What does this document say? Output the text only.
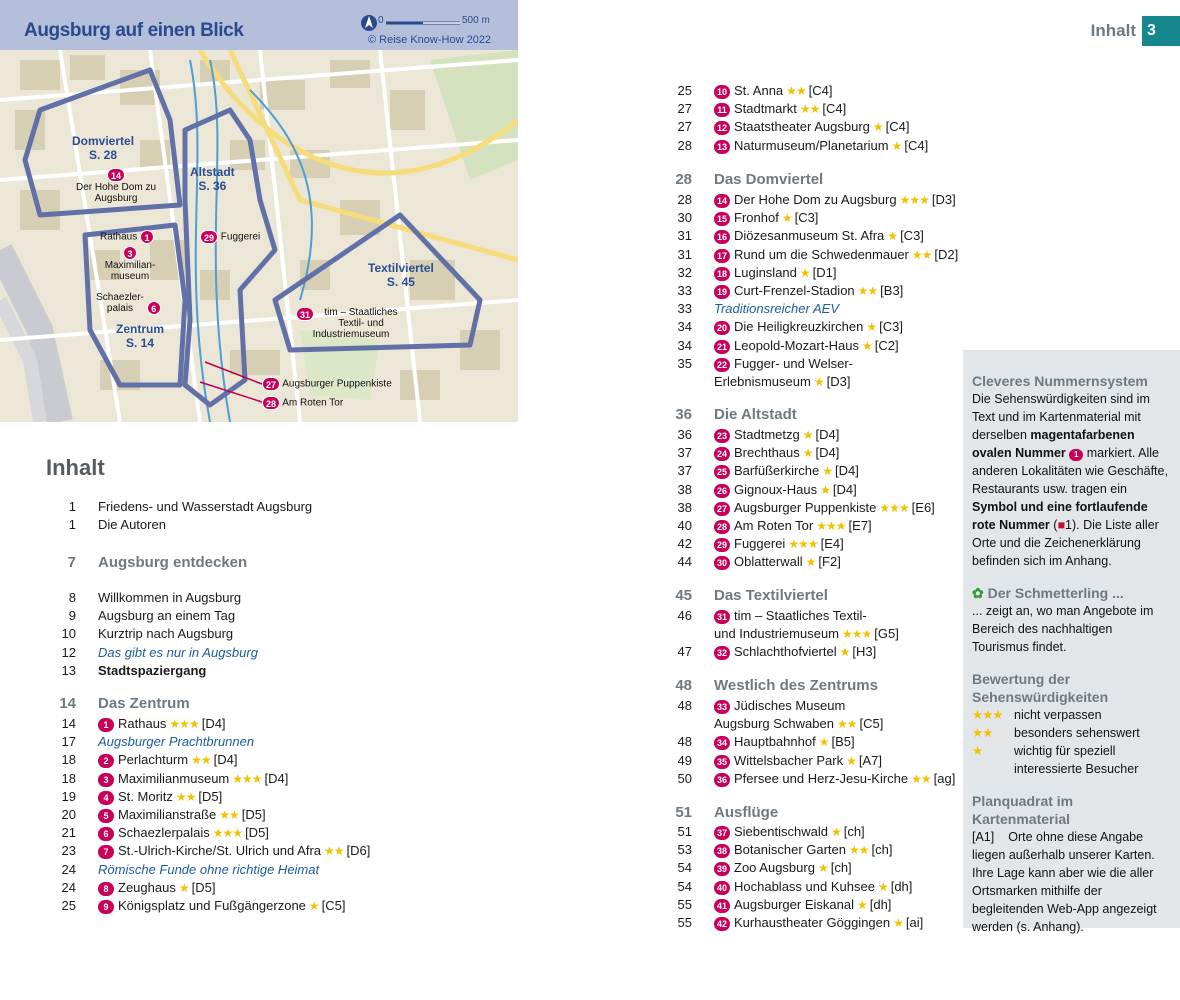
Augsburg auf einen Blick	0	500 m
© Reise Know-How 2022
Domviertel
S. 28
Altstadt
S. 36
Textilviertel
S. 45
Zentrum
S. 14
14
Der Hohe Dom zu Augsburg
Rathaus 1	29 Fuggerei
3
Maximilian-museum
Schaezler-palais 6
31	tim – Staatliches Textil- und Industriemuseum
27 Augsburger Puppenkiste
28 Am Roten Tor
Inhalt 3
Inhalt
1 Friedens- und Wasserstadt Augsburg
1 Die Autoren
7 Augsburg entdecken
8 Willkommen in Augsburg
9 Augsburg an einem Tag
10 Kurztrip nach Augsburg
12 Das gibt es nur in Augsburg
13 Stadtspaziergang
14 Das Zentrum
14	1 Rathaus ★★★ [D4]
17 Augsburger Prachtbrunnen
18	2 Perlachturm ★★ [D4]
18	3 Maximilianmuseum ★★★ [D4]
19	4 St. Moritz ★★ [D5]
20	5 Maximilianstraße ★★ [D5]
21	6 Schaezlerpalais ★★★ [D5]
23	7 St.-Ulrich-Kirche/St. Ulrich und Afra ★★ [D6]
24 Römische Funde ohne richtige Heimat
24	8 Zeughaus ★ [D5]
25	9 Königsplatz und Fußgängerzone ★ [C5]
25	10 St. Anna ★★ [C4]
27	11 Stadtmarkt ★★ [C4]
27	12 Staatstheater Augsburg ★ [C4]
28	13 Naturmuseum/Planetarium ★ [C4]
28 Das Domviertel
28	14 Der Hohe Dom zu Augsburg ★★★ [D3]
30	15 Fronhof ★ [C3]
31	16 Diözesanmuseum St. Afra ★ [C3]
31	17 Rund um die Schwedenmauer ★★ [D2]
32	18 Luginsland ★ [D1]
33	19 Curt-Frenzel-Stadion ★★ [B3]
33 Traditionsreicher AEV
34	20 Die Heiligkreuzkirchen ★ [C3]
34	21 Leopold-Mozart-Haus ★ [C2]
35	22 Fugger- und Welser-
Erlebnismuseum ★ [D3]
36 Die Altstadt
36	23 Stadtmetzg ★ [D4]
37	24 Brechthaus ★ [D4]
37	25 Barfüßerkirche ★ [D4]
38	26 Gignoux-Haus ★ [D4]
38	27 Augsburger Puppenkiste ★★★ [E6]
40	28 Am Roten Tor ★★★ [E7]
42	29 Fuggerei ★★★ [E4]
44	30 Oblatterwall ★ [F2]
45 Das Textilviertel
46	31 tim – Staatliches Textil-
und Industriemuseum ★★★ [G5]
47	32 Schlachthofviertel ★ [H3]
48 Westlich des Zentrums
48	33 Jüdisches Museum
Augsburg Schwaben ★★ [C5]
48	34 Hauptbahnhof ★ [B5]
49	35 Wittelsbacher Park ★ [A7]
50	36 Pfersee und Herz-Jesu-Kirche ★★ [ag]
51 Ausflüge
51	37 Siebentischwald ★ [ch]
53	38 Botanischer Garten ★★ [ch]
54	39 Zoo Augsburg ★ [ch]
54	40 Hochablass und Kuhsee ★ [dh]
55	41 Augsburger Eiskanal ★ [dh]
55	42 Kurhaustheater Göggingen ★ [ai]
Cleveres Nummernsystem
Die Sehenswürdigkeiten sind im Text und im Kartenmaterial mit derselben magentafarbenen ovalen Nummer 1 markiert. Alle anderen Lokalitäten wie Geschäfte, Restaurants usw. tragen ein Symbol und eine fortlaufende rote Nummer (■1). Die Liste aller Orte und die Zeichenerklärung befinden sich im Anhang.
✿ Der Schmetterling ...
... zeigt an, wo man Angebote im Bereich des nachhaltigen Tourismus findet.
Bewertung der
Sehenswürdigkeiten
★★★ nicht verpassen
★★	besonders sehenswert
★	wichtig für speziell
interessierte Besucher
Planquadrat im Kartenmaterial
[A1] Orte ohne diese Angabe liegen außerhalb unserer Karten. Ihre Lage kann aber wie die aller Ortsmarken mithilfe der begleitenden Web-App angezeigt werden (s. Anhang).
